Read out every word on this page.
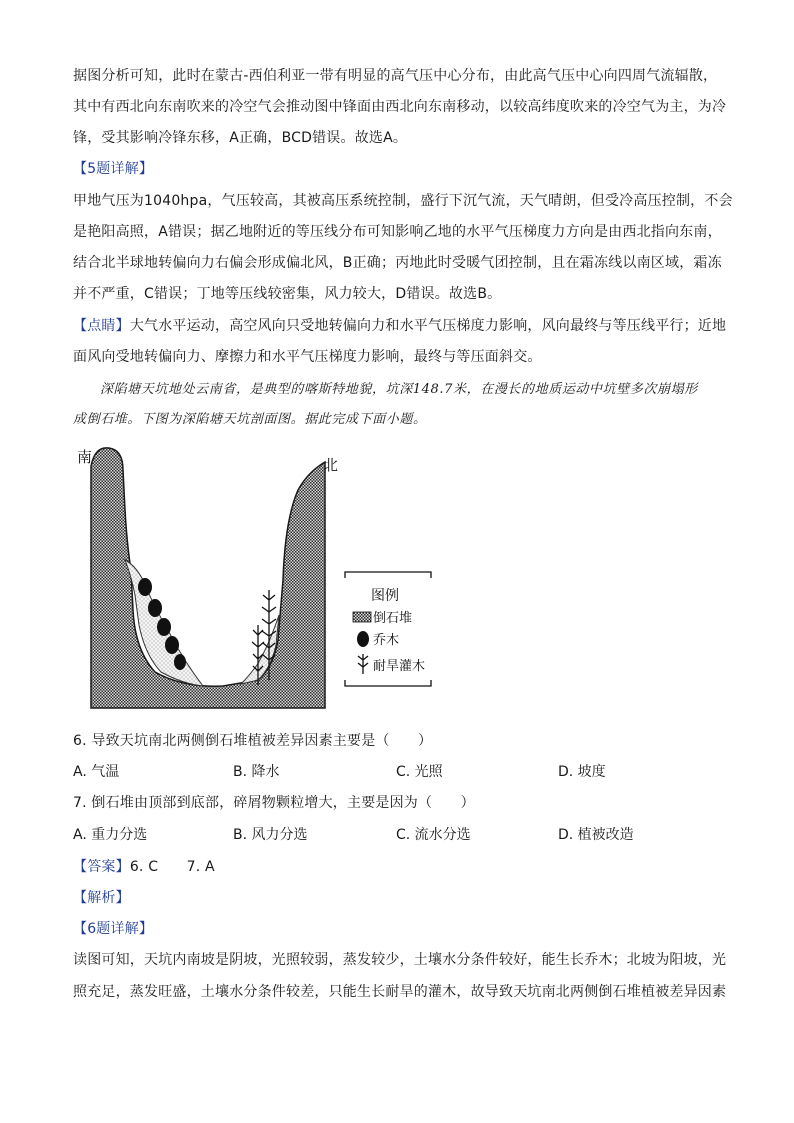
南	北
图例
倒石堆
乔木
耐旱灌木
据图分析可知，此时在蒙古-西伯利亚一带有明显的高气压中心分布，由此高气压中心向四周气流辐散，
其中有西北向东南吹来的冷空气会推动图中锋面由西北向东南移动，以较高纬度吹来的冷空气为主，为冷
锋，受其影响冷锋东移，A正确，BCD错误。故选A。
【5题详解】
甲地气压为1040hpa，气压较高，其被高压系统控制，盛行下沉气流，天气晴朗，但受冷高压控制，不会
是艳阳高照，A错误；据乙地附近的等压线分布可知影响乙地的水平气压梯度力方向是由西北指向东南，
结合北半球地转偏向力右偏会形成偏北风，B正确；丙地此时受暖气团控制，且在霜冻线以南区域，霜冻
并不严重，C错误；丁地等压线较密集，风力较大，D错误。故选B。
【点睛】大气水平运动，高空风向只受地转偏向力和水平气压梯度力影响，风向最终与等压线平行；近地
面风向受地转偏向力、摩擦力和水平气压梯度力影响，最终与等压面斜交。
深陷塘天坑地处云南省，是典型的喀斯特地貌，坑深148.7米，在漫长的地质运动中坑壁多次崩塌形
成倒石堆。下图为深陷塘天坑剖面图。据此完成下面小题。
6. 导致天坑南北两侧倒石堆植被差异因素主要是（　　）
A. 气温	B. 降水	C. 光照	D. 坡度
7. 倒石堆由顶部到底部，碎屑物颗粒增大，主要是因为（　　）
A. 重力分选	B. 风力分选	C. 流水分选	D. 植被改造
【答案】6. C　　7. A
【解析】
【6题详解】
读图可知，天坑内南坡是阴坡，光照较弱，蒸发较少，土壤水分条件较好，能生长乔木；北坡为阳坡，光
照充足，蒸发旺盛，土壤水分条件较差，只能生长耐旱的灌木，故导致天坑南北两侧倒石堆植被差异因素
